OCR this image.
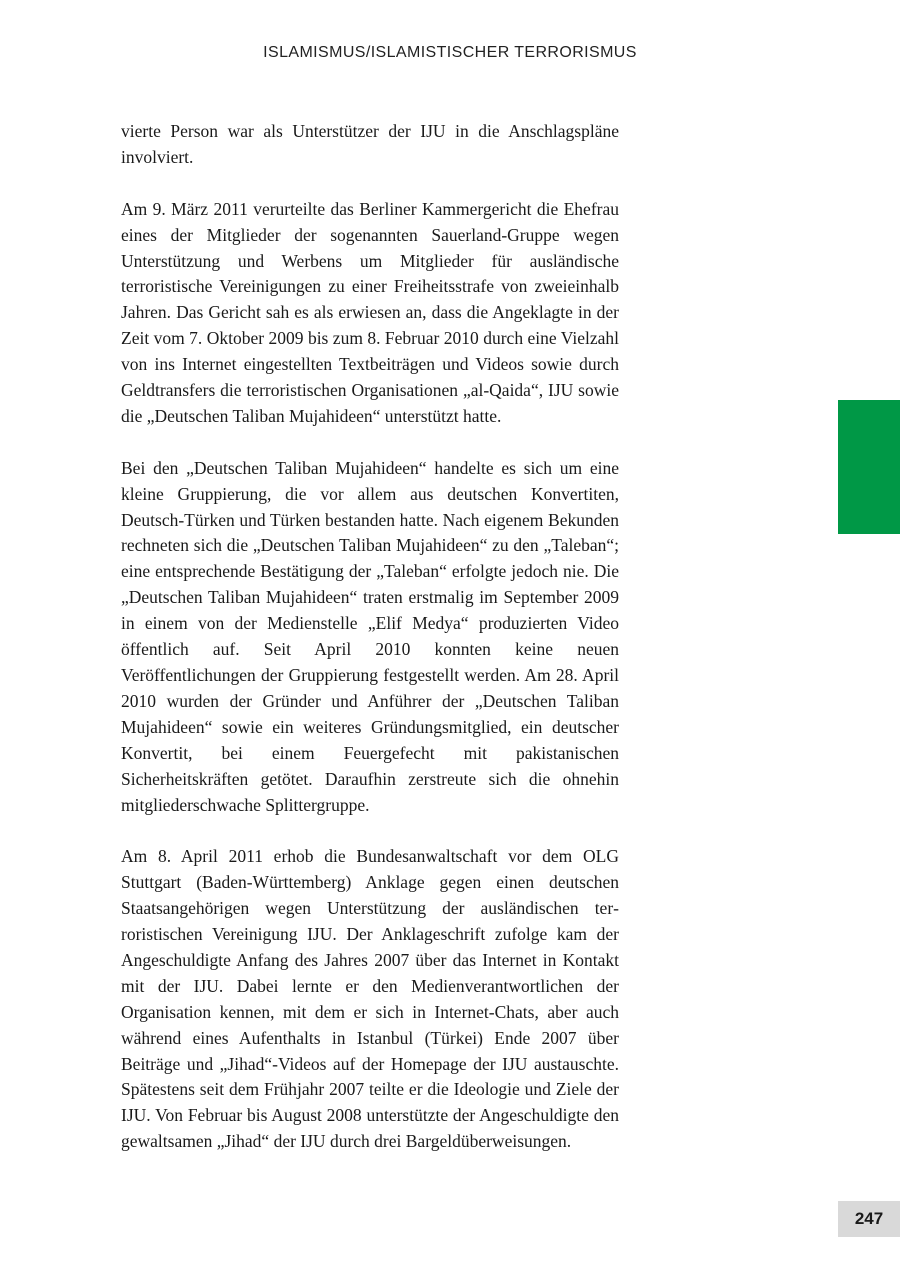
ISLAMISMUS/ISLAMISTISCHER TERRORISMUS

vierte Person war als Unterstützer der IJU in die Anschlagspläne involviert.

Am 9. März 2011 verurteilte das Berliner Kammergericht die Ehefrau eines der Mitglieder der sogenannten Sauerland-Gruppe wegen Unterstützung und Werbens um Mitglieder für ausländische terroristische Vereinigungen zu einer Freiheitsstrafe von zweieinhalb Jahren. Das Gericht sah es als erwiesen an, dass die Angeklagte in der Zeit vom 7. Oktober 2009 bis zum 8. Februar 2010 durch eine Vielzahl von ins Internet eingestellten Textbeiträgen und Videos sowie durch Geldtransfers die terroristischen Organisationen „al-Qaida“, IJU sowie die „Deutschen Taliban Mujahideen“ unterstützt hatte.

Bei den „Deutschen Taliban Mujahideen“ handelte es sich um eine kleine Gruppierung, die vor allem aus deutschen Konvertiten, Deutsch-Türken und Türken bestanden hatte. Nach eigenem Bekunden rechneten sich die „Deutschen Taliban Mujahideen“ zu den „Taleban“; eine entsprechende Bestätigung der „Taleban“ erfolgte jedoch nie. Die „Deutschen Taliban Mujahideen“ traten erstmalig im September 2009 in einem von der Medienstelle „Elif Medya“ produzierten Video öffentlich auf. Seit April 2010 konnten keine neuen Veröffentlichungen der Gruppierung festgestellt werden. Am 28. April 2010 wurden der Gründer und Anführer der „Deutschen Taliban Mujahideen“ sowie ein weiteres Gründungsmitglied, ein deutscher Konvertit, bei einem Feuergefecht mit pakistanischen Sicherheitskräften getötet. Daraufhin zerstreute sich die ohnehin mitgliederschwache Splittergruppe.

Am 8. April 2011 erhob die Bundesanwaltschaft vor dem OLG Stuttgart (Baden-Württemberg) Anklage gegen einen deutschen Staatsangehörigen wegen Unterstützung der ausländischen terroristischen Vereinigung IJU. Der Anklageschrift zufolge kam der Angeschuldigte Anfang des Jahres 2007 über das Internet in Kontakt mit der IJU. Dabei lernte er den Medienverantwortlichen der Organisation kennen, mit dem er sich in Internet-Chats, aber auch während eines Aufenthalts in Istanbul (Türkei) Ende 2007 über Beiträge und „Jihad“-Videos auf der Homepage der IJU austauschte. Spätestens seit dem Frühjahr 2007 teilte er die Ideologie und Ziele der IJU. Von Februar bis August 2008 unterstützte der Angeschuldigte den gewaltsamen „Jihad“ der IJU durch drei Bargeldüberweisungen.

247
